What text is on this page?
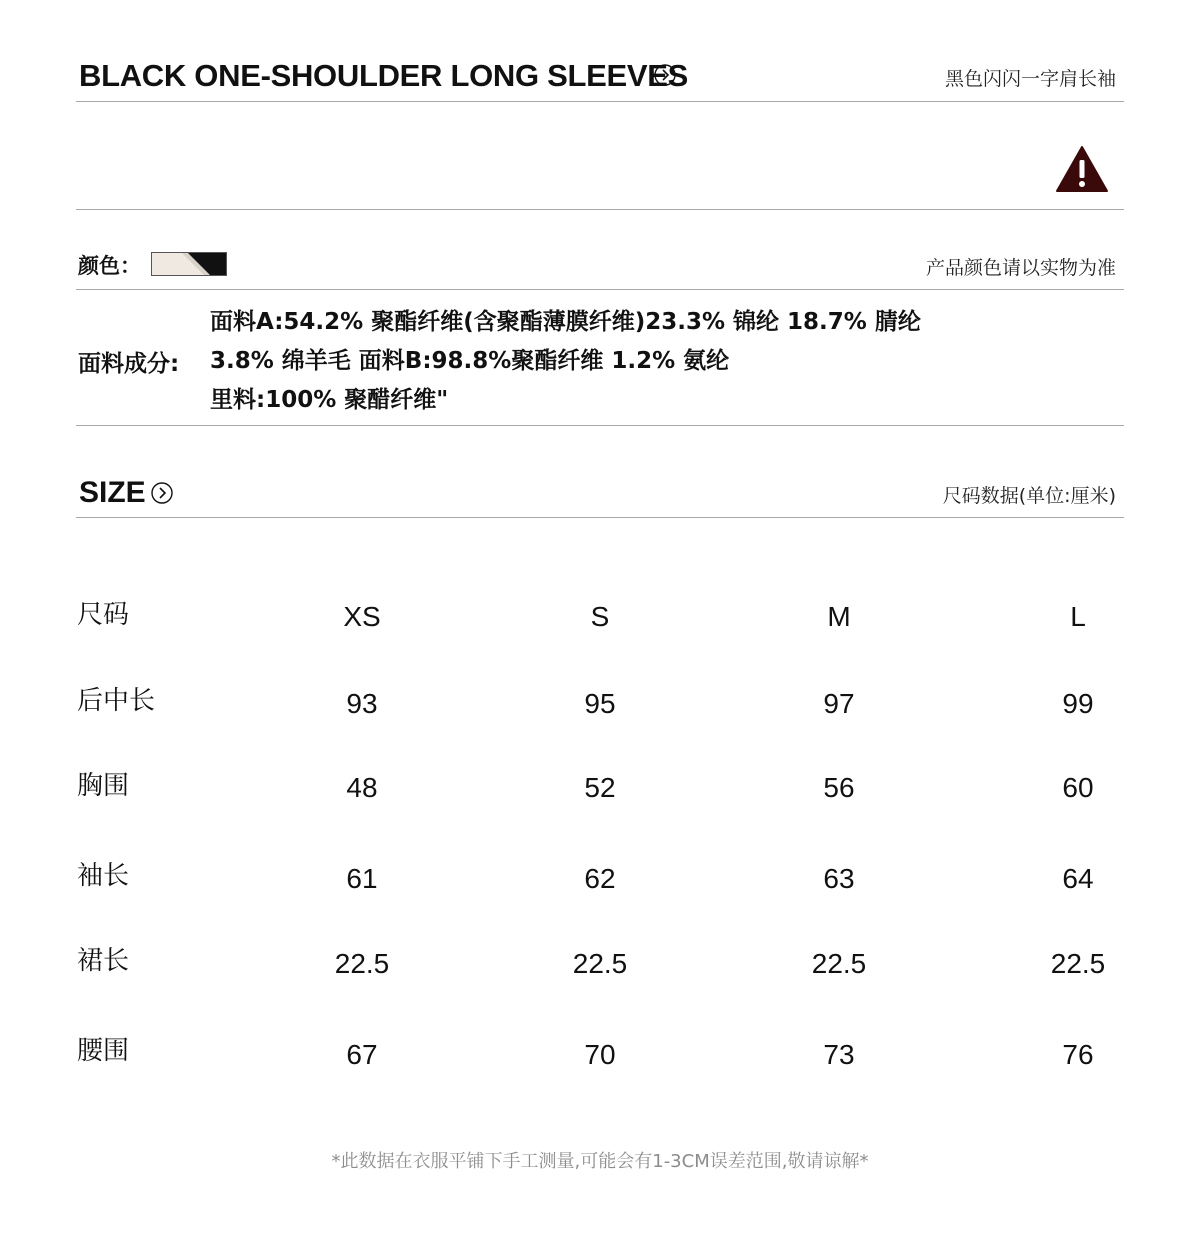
BLACK ONE-SHOULDER LONG SLEEVES	黑色闪闪一字肩长袖
颜色：	产品颜色请以实物为准
面料成分:
面料A:54.2% 聚酯纤维(含聚酯薄膜纤维)23.3% 锦纶 18.7% 腈纶
3.8% 绵羊毛 面料B:98.8%聚酯纤维 1.2% 氨纶
里料:100% 聚醋纤维"
SIZE	尺码数据(单位:厘米)
尺码	XS	S	M	L
后中长	93	95	97	99
胸围	48	52	56	60
袖长	61	62	63	64
裙长	22.5	22.5	22.5	22.5
腰围	67	70	73	76
*此数据在衣服平铺下手工测量,可能会有1-3CM误差范围,敬请谅解*
